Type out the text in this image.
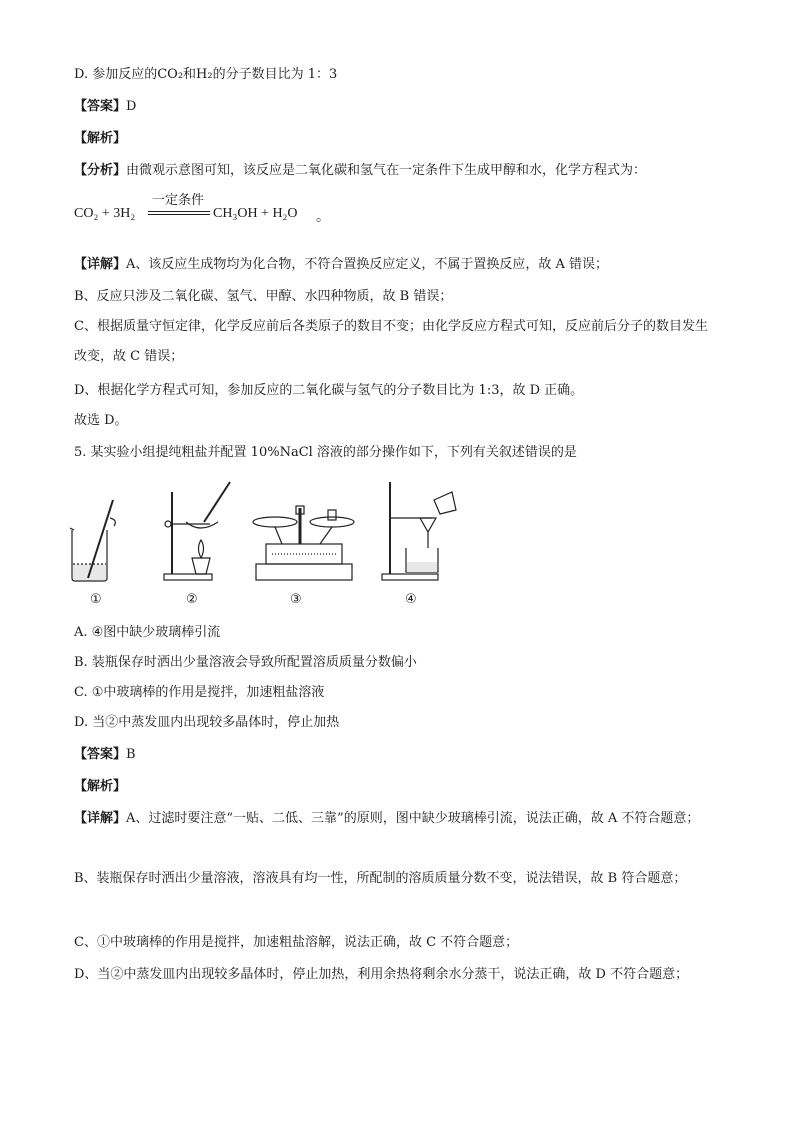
D. 参加反应的CO₂和H₂的分子数目比为 1：3
【答案】D
【解析】
【分析】由微观示意图可知，该反应是二氧化碳和氢气在一定条件下生成甲醇和水，化学方程式为：
CO₂ + 3H₂
一定条件
CH₃OH + H₂O 。
【详解】A、该反应生成物均为化合物，不符合置换反应定义，不属于置换反应，故 A 错误；
B、反应只涉及二氧化碳、氢气、甲醇、水四种物质，故 B 错误；
C、根据质量守恒定律，化学反应前后各类原子的数目不变；由化学反应方程式可知，反应前后分子的数目发生改变，故 C 错误；
D、根据化学方程式可知，参加反应的二氧化碳与氢气的分子数目比为 1:3，故 D 正确。
故选 D。
5. 某实验小组提纯粗盐并配置 10%NaCl 溶液的部分操作如下，下列有关叙述错误的是
①	②	③	④
A. ④图中缺少玻璃棒引流
B. 装瓶保存时洒出少量溶液会导致所配置溶质质量分数偏小
C. ①中玻璃棒的作用是搅拌，加速粗盐溶液
D. 当②中蒸发皿内出现较多晶体时，停止加热
【答案】B
【解析】
【详解】A、过滤时要注意“一贴、二低、三靠”的原则，图中缺少玻璃棒引流，说法正确，故 A 不符合题意；
B、装瓶保存时洒出少量溶液，溶液具有均一性，所配制的溶质质量分数不变，说法错误，故 B 符合题意；
C、①中玻璃棒的作用是搅拌，加速粗盐溶解，说法正确，故 C 不符合题意；
D、当②中蒸发皿内出现较多晶体时，停止加热，利用余热将剩余水分蒸干，说法正确，故 D 不符合题意；
